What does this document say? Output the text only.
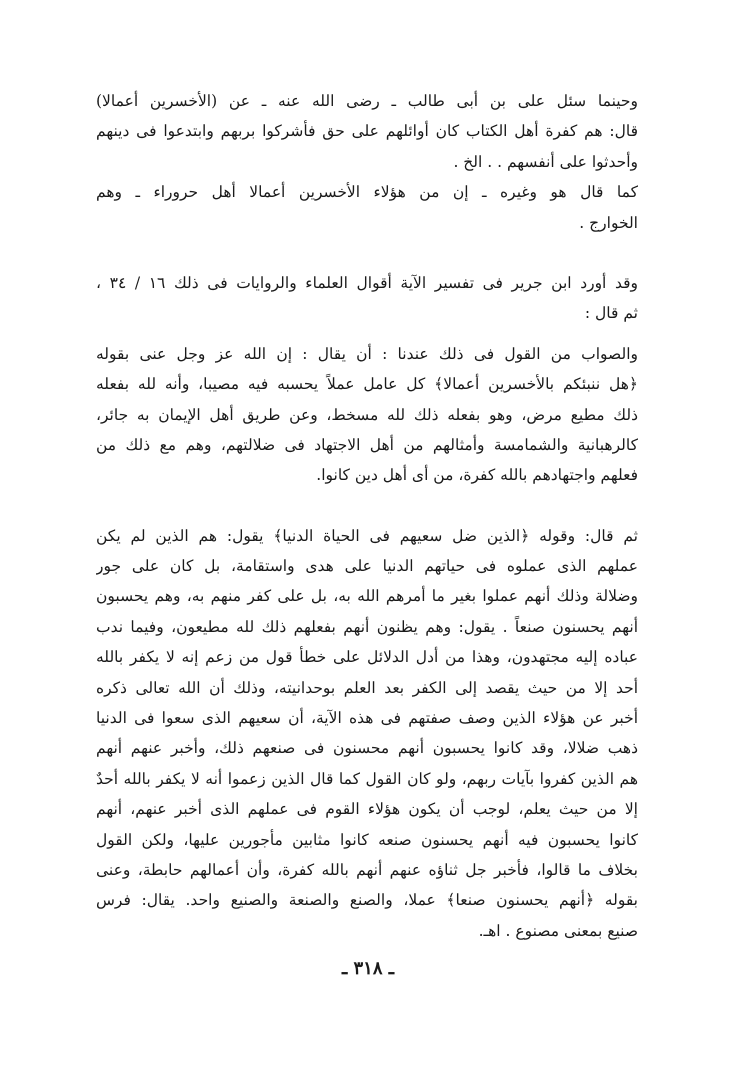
وحينما سئل على بن أبى طالب ـ رضى الله عنه ـ عن (الأخسرين أعمالا)
قال: هم كفرة أهل الكتاب كان أوائلهم على حق فأشركوا بربهم وابتدعوا فى دينهم
وأحدثوا على أنفسهم . . الخ .
كما قال هو وغيره ـ إن من هؤلاء الأخسرين أعمالا أهل حروراء ـ وهم
الخوارج .
وقد أورد ابن جرير فى تفسير الآية أقوال العلماء والروايات فى ذلك ١٦ / ٣٤ ،
ثم قال :
والصواب من القول فى ذلك عندنا : أن يقال : إن الله عز وجل عنى بقوله
﴿هل ننبئكم بالأخسرين أعمالا﴾ كل عامل عملاً يحسبه فيه مصيبا، وأنه لله بفعله
ذلك مطيع مرض، وهو بفعله ذلك لله مسخط، وعن طريق أهل الإيمان به جائر،
كالرهبانية والشمامسة وأمثالهم من أهل الاجتهاد فى ضلالتهم، وهم مع ذلك من
فعلهم واجتهادهم بالله كفرة، من أى أهل دين كانوا.
ثم قال: وقوله ﴿الذين ضل سعيهم فى الحياة الدنيا﴾ يقول: هم الذين لم يكن
عملهم الذى عملوه فى حياتهم الدنيا على هدى واستقامة، بل كان على جور
وضلالة وذلك أنهم عملوا بغير ما أمرهم الله به، بل على كفر منهم به، وهم يحسبون
أنهم يحسنون صنعاً . يقول: وهم يظنون أنهم بفعلهم ذلك لله مطيعون، وفيما ندب
عباده إليه مجتهدون، وهذا من أدل الدلائل على خطأ قول من زعم إنه لا يكفر بالله
أحد إلا من حيث يقصد إلى الكفر بعد العلم بوحدانيته، وذلك أن الله تعالى ذكره
أخبر عن هؤلاء الذين وصف صفتهم فى هذه الآية، أن سعيهم الذى سعوا فى الدنيا
ذهب ضلالا، وقد كانوا يحسبون أنهم محسنون فى صنعهم ذلك، وأخبر عنهم أنهم
هم الذين كفروا بآيات ربهم، ولو كان القول كما قال الذين زعموا أنه لا يكفر بالله أحدٌ
إلا من حيث يعلم، لوجب أن يكون هؤلاء القوم فى عملهم الذى أخبر عنهم، أنهم
كانوا يحسبون فيه أنهم يحسنون صنعه كانوا مثابين مأجورين عليها، ولكن القول
بخلاف ما قالوا، فأخبر جل ثناؤه عنهم أنهم بالله كفرة، وأن أعمالهم حابطة، وعنى
بقوله ﴿أنهم يحسنون صنعا﴾ عملا، والصنع والصنعة والصنيع واحد. يقال: فرس
صنيع بمعنى مصنوع . اهـ.
ـ ٣١٨ ـ
